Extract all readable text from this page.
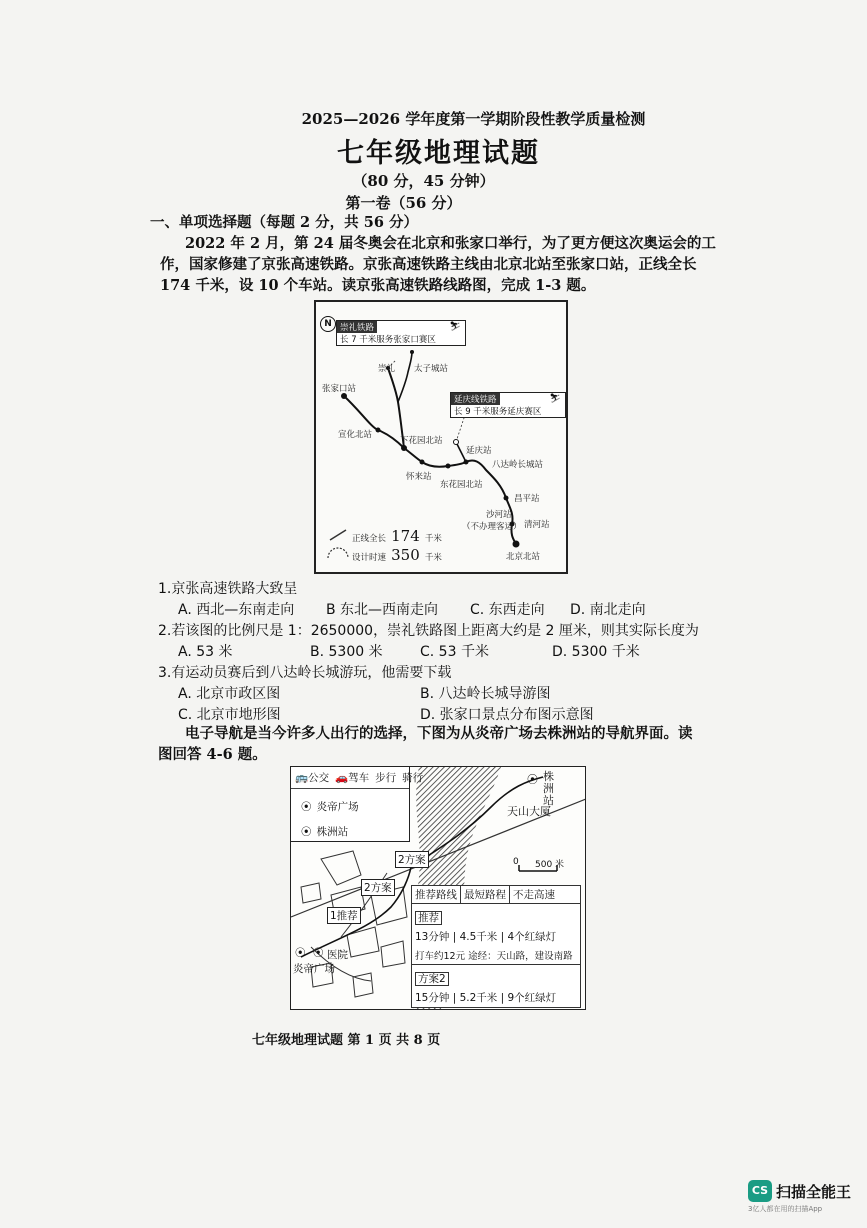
2025—2026 学年度第一学期阶段性教学质量检测
七年级地理试题
（80 分，45 分钟）
第一卷（56 分）
一、单项选择题（每题 2 分，共 56 分）
2022 年 2 月，第 24 届冬奥会在北京和张家口举行，为了更方便这次奥运会的工
作，国家修建了京张高速铁路。京张高速铁路主线由北京北站至张家口站，正线全长
174 千米，设 10 个车站。读京张高速铁路线路图，完成 1-3 题。
N 崇礼铁路	⛷
长 7 千米服务张家口赛区
延庆线铁路	⛷
长 9 千米服务延庆赛区
崇礼 太子城站
张家口站
宣化北站
下花园北站
怀来站
东花园北站
延庆站
八达岭长城站
昌平站
沙河站
（不办理客运） 清河站
北京北站
正线全长 174 千米
设计时速 350 千米
1.京张高速铁路大致呈
A. 西北—东南走向 B 东北—西南走向 C. 东西走向 D. 南北走向
2.若该图的比例尺是 1：2650000，崇礼铁路图上距离大约是 2 厘米，则其实际长度为
A. 53 米	B. 5300 米	C. 53 千米	D. 5300 千米
3.有运动员赛后到八达岭长城游玩，他需要下载
A. 北京市政区图	B. 八达岭长城导游图
C. 北京市地形图	D. 张家口景点分布图示意图
电子导航是当今许多人出行的选择，下图为从炎帝广场去株洲站的导航界面。读
图回答 4-6 题。
🚌公交 🚗驾车 步行 骑行
⦿ 炎帝广场
⦿ 株洲站
⦿ 株洲站
天山大厦
0 500 米
2方案
2方案
1推荐
⦿ 医院
⦿
炎帝广场
推荐路线 最短路程 不走高速
推荐
13分钟 | 4.5千米 | 4个红绿灯
打车约12元 途经：天山路，建设南路
方案2
15分钟 | 5.2千米 | 9个红绿灯
七年级地理试题 第 1 页 共 8 页
CS 扫描全能王
3亿人都在用的扫描App
